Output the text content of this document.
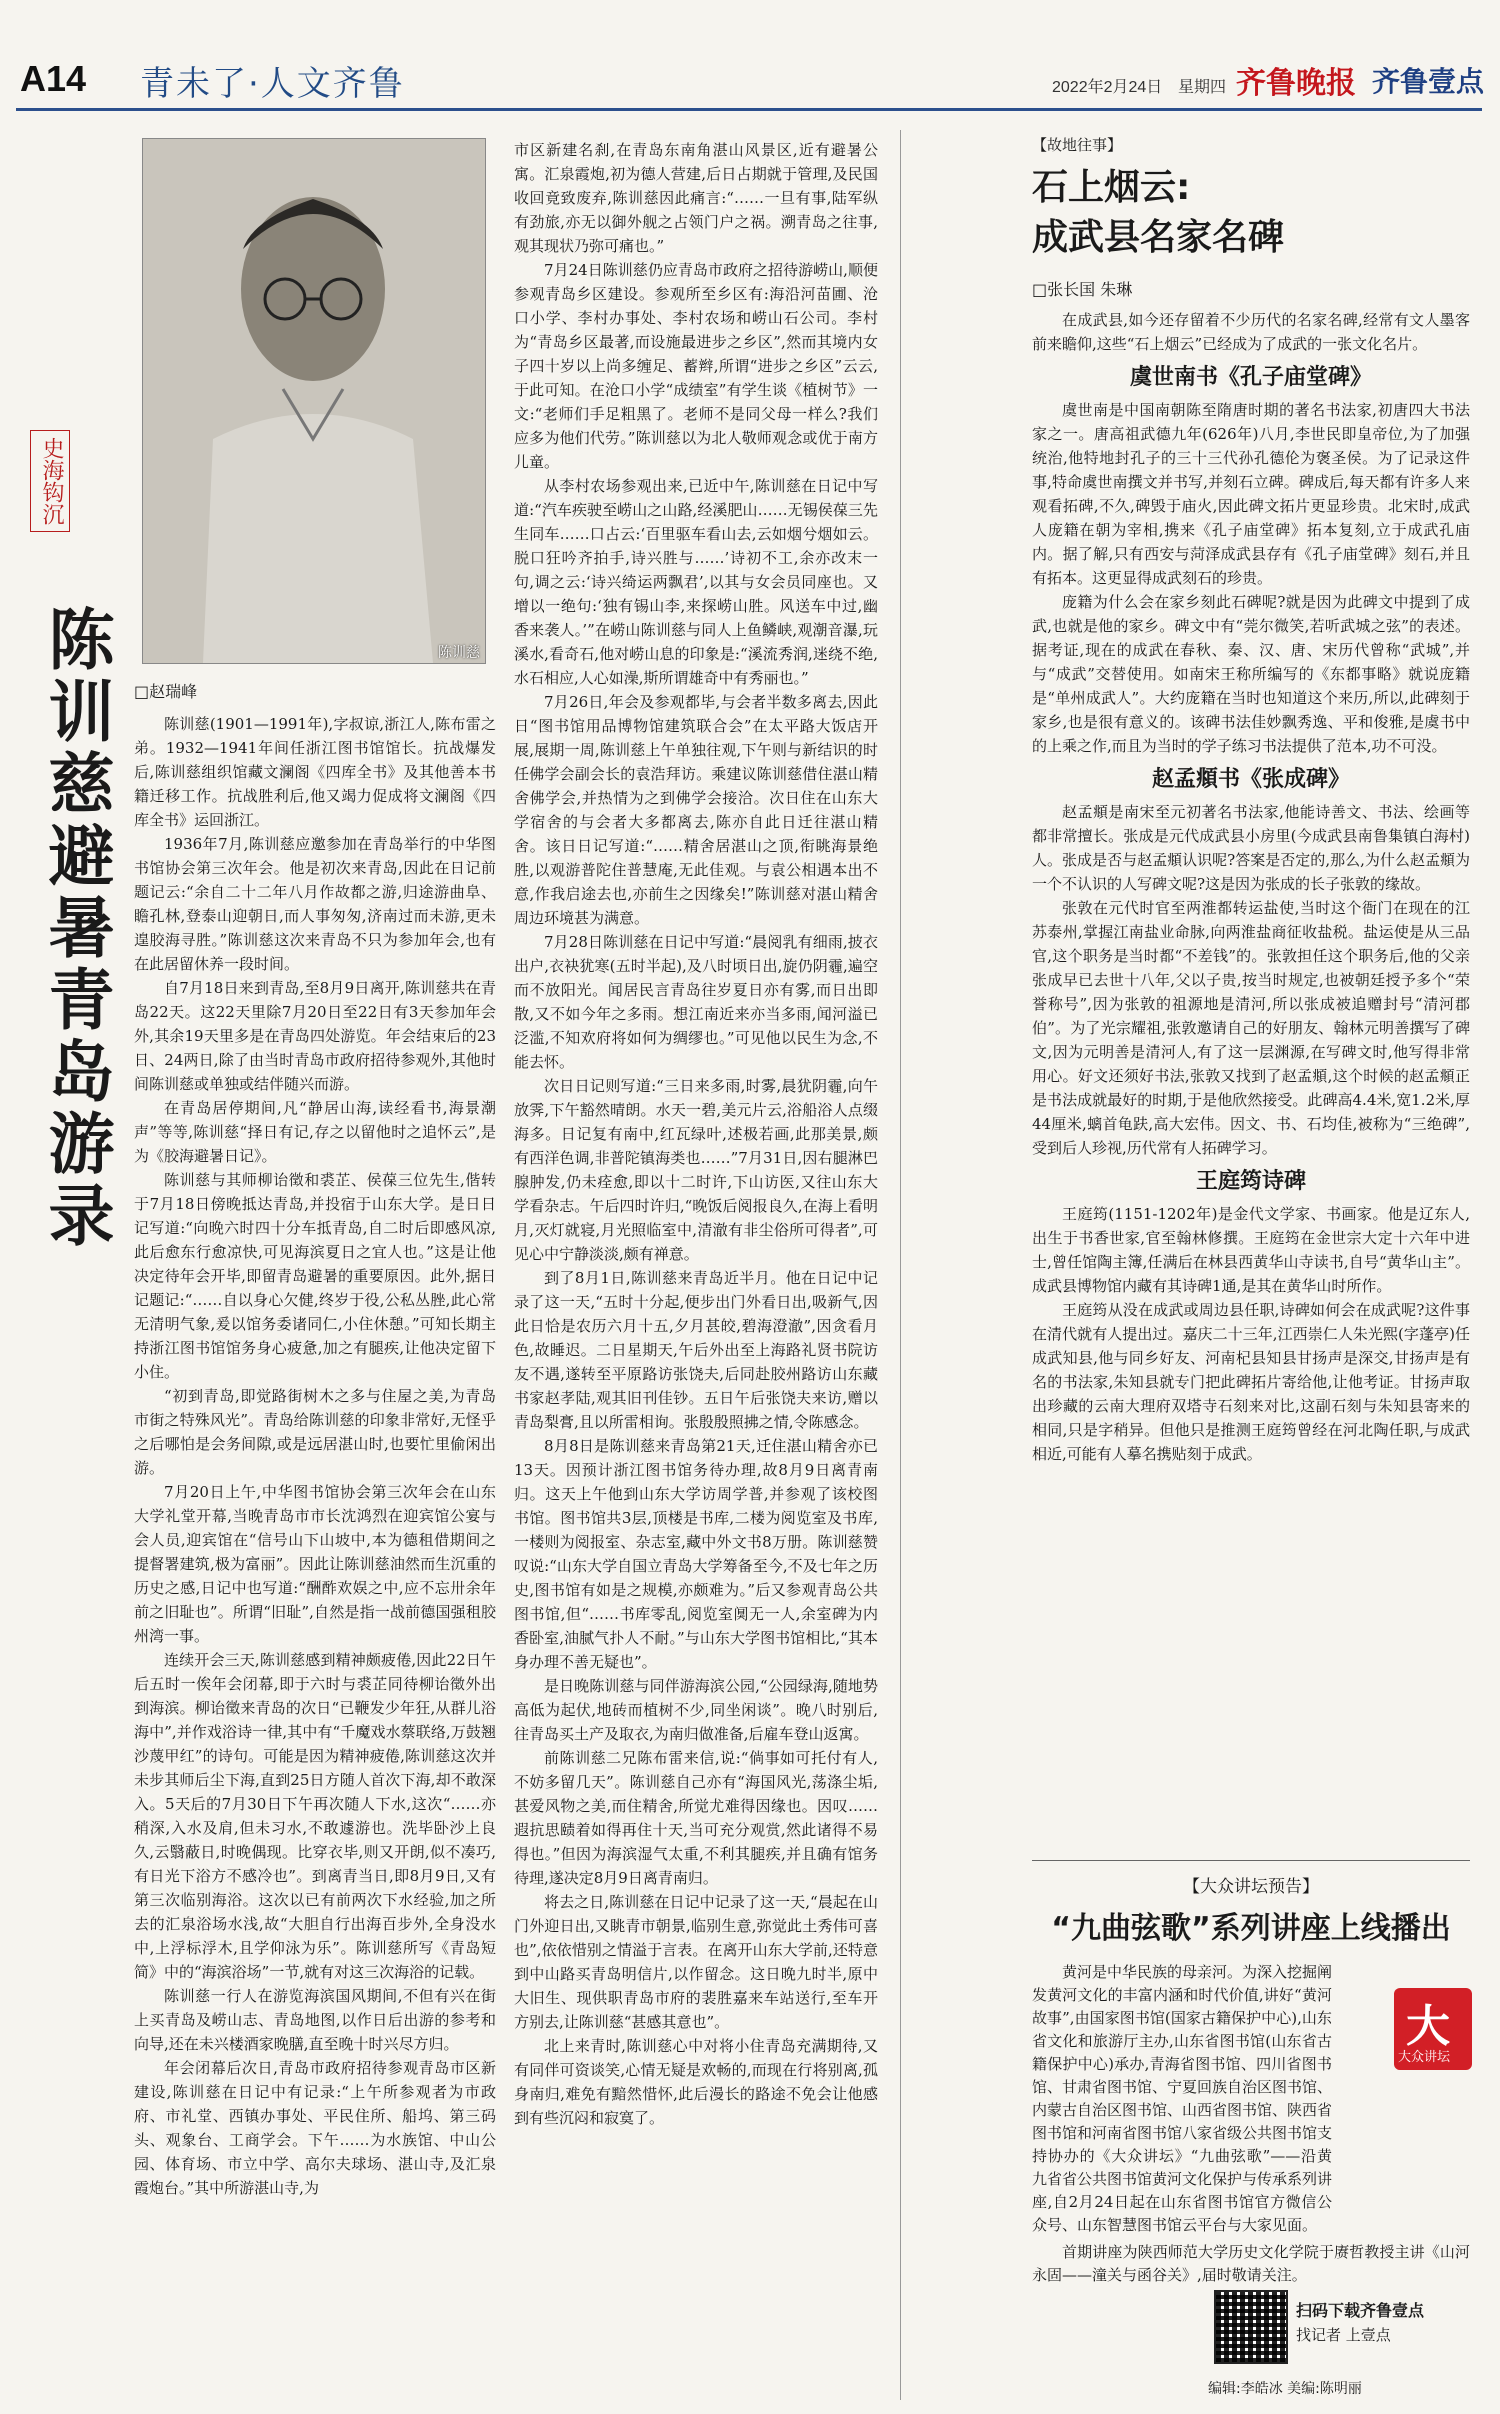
A14 青未了·人文齐鲁	2022年2月24日 星期四 齐鲁晚报 齐鲁壹点
史海钩沉
陈训慈避暑青岛游录	陈训慈
□赵瑞峰

陈训慈(1901—1991年),字叔谅,浙江人,陈布雷之弟。1932—1941年间任浙江图书馆馆长。抗战爆发后,陈训慈组织馆藏文澜阁《四库全书》及其他善本书籍迁移工作。抗战胜利后,他又竭力促成将文澜阁《四库全书》运回浙江。

1936年7月,陈训慈应邀参加在青岛举行的中华图书馆协会第三次年会。他是初次来青岛,因此在日记前题记云:“余自二十二年八月作故都之游,归途游曲阜、瞻孔林,登泰山迎朝日,而人事匆匆,济南过而未游,更未遑胶海寻胜。”陈训慈这次来青岛不只为参加年会,也有在此居留休养一段时间。

自7月18日来到青岛,至8月9日离开,陈训慈共在青岛22天。这22天里除7月20日至22日有3天参加年会外,其余19天里多是在青岛四处游览。年会结束后的23日、24两日,除了由当时青岛市政府招待参观外,其他时间陈训慈或单独或结伴随兴而游。

在青岛居停期间,凡“静居山海,读经看书,海景潮声”等等,陈训慈“择日有记,存之以留他时之追怀云”,是为《胶海避暑日记》。

陈训慈与其师柳诒徵和裘芷、侯葆三位先生,偕转于7月18日傍晚抵达青岛,并投宿于山东大学。是日日记写道:“向晚六时四十分车抵青岛,自二时后即感风凉,此后愈东行愈凉快,可见海滨夏日之宜人也。”这是让他决定待年会开毕,即留青岛避暑的重要原因。此外,据日记题记:“……自以身心欠健,终岁于役,公私丛脞,此心常无清明气象,爰以馆务委诸同仁,小住休憩。”可知长期主持浙江图书馆馆务身心疲惫,加之有腿疾,让他决定留下小住。

“初到青岛,即觉路街树木之多与住屋之美,为青岛市街之特殊风光”。青岛给陈训慈的印象非常好,无怪乎之后哪怕是会务间隙,或是远居湛山时,也要忙里偷闲出游。

7月20日上午,中华图书馆协会第三次年会在山东大学礼堂开幕,当晚青岛市市长沈鸿烈在迎宾馆公宴与会人员,迎宾馆在“信号山下山坡中,本为德租借期间之提督署建筑,极为富丽”。因此让陈训慈油然而生沉重的历史之感,日记中也写道:“酬酢欢娱之中,应不忘卅余年前之旧耻也”。所谓“旧耻”,自然是指一战前德国强租胶州湾一事。

连续开会三天,陈训慈感到精神颇疲倦,因此22日午后五时一俟年会闭幕,即于六时与裘芷同待柳诒徵外出到海滨。柳诒徵来青岛的次日“已鞭发少年狂,从群儿浴海中”,并作戏浴诗一律,其中有“千魔戏水蔡联络,万鼓翘沙蔑甲红”的诗句。可能是因为精神疲倦,陈训慈这次并未步其师后尘下海,直到25日方随人首次下海,却不敢深入。5天后的7月30日下午再次随人下水,这次“……亦稍深,入水及肩,但未习水,不敢遽游也。洗毕卧沙上良久,云翳蔽日,时晚偶现。比穿衣毕,则又开朗,似不凑巧,有日光下浴方不感冷也”。到离青当日,即8月9日,又有第三次临别海浴。这次以已有前两次下水经验,加之所去的汇泉浴场水浅,故“大胆自行出海百步外,全身没水中,上浮标浮木,且学仰泳为乐”。陈训慈所写《青岛短简》中的“海滨浴场”一节,就有对这三次海浴的记载。

陈训慈一行人在游览海滨国风期间,不但有兴在街上买青岛及崂山志、青岛地图,以作日后出游的参考和向导,还在未兴楼酒家晚膳,直至晚十时兴尽方归。

年会闭幕后次日,青岛市政府招待参观青岛市区新建设,陈训慈在日记中有记录:“上午所参观者为市政府、市礼堂、西镇办事处、平民住所、船坞、第三码头、观象台、工商学会。下午……为水族馆、中山公园、体育场、市立中学、高尔夫球场、湛山寺,及汇泉霞炮台。”其中所游湛山寺,为

市区新建名刹,在青岛东南角湛山风景区,近有避暑公寓。汇泉霞炮,初为德人营建,后日占期就于管理,及民国收回竟致废弃,陈训慈因此痛言:“……一旦有事,陆军纵有劲旅,亦无以御外舰之占领门户之祸。溯青岛之往事,观其现状乃弥可痛也。”

7月24日陈训慈仍应青岛市政府之招待游崂山,顺便参观青岛乡区建设。参观所至乡区有:海沿河苗圃、沧口小学、李村办事处、李村农场和崂山石公司。李村为“青岛乡区最著,而设施最进步之乡区”,然而其境内女子四十岁以上尚多缠足、蓄辫,所谓“进步之乡区”云云,于此可知。在沧口小学“成绩室”有学生谈《植树节》一文:“老师们手足粗黑了。老师不是同父母一样么?我们应多为他们代劳。”陈训慈以为北人敬师观念或优于南方儿童。

从李村农场参观出来,已近中午,陈训慈在日记中写道:“汽车疾驶至崂山之山路,经溪肥山……无锡侯葆三先生同车……口占云:‘百里驱车看山去,云如烟兮烟如云。脱口狂吟齐拍手,诗兴胜与……’诗初不工,余亦改末一句,调之云:‘诗兴绮运两飘君’,以其与女会员同座也。又增以一绝句:‘独有锡山李,来探崂山胜。风送车中过,幽香来袭人。’”在崂山陈训慈与同人上鱼鳞峡,观潮音瀑,玩溪水,看奇石,他对崂山息的印象是:“溪流秀润,迷绕不绝,水石相应,人心如澡,斯所谓雄奇中有秀丽也。”

7月26日,年会及参观都毕,与会者半数多离去,因此日“图书馆用品博物馆建筑联合会”在太平路大饭店开展,展期一周,陈训慈上午单独往观,下午则与新结识的时任佛学会副会长的袁浩拜访。乘建议陈训慈借住湛山精舍佛学会,并热情为之到佛学会接洽。次日住在山东大学宿舍的与会者大多都离去,陈亦自此日迁往湛山精舍。该日日记写道:“……精舍居湛山之顶,衔眺海景绝胜,以观游普陀住普慧庵,无此佳观。与袁公相遇本出不意,作我启途去也,亦前生之因缘矣!”陈训慈对湛山精舍周边环境甚为满意。

7月28日陈训慈在日记中写道:“晨阅乳有细雨,披衣出户,衣袂犹寒(五时半起),及八时顷日出,旋仍阴霾,遍空而不放阳光。闻居民言青岛往岁夏日亦有雾,而日出即散,又不如今年之多雨。想江南近来亦当多雨,闻河溢已泛滥,不知欢府将如何为绸缪也。”可见他以民生为念,不能去怀。

次日日记则写道:“三日来多雨,时雾,晨犹阴霾,向午放霁,下午豁然晴朗。水天一碧,美元片云,浴船浴人点缀海多。日记复有南中,红瓦绿叶,述极若画,此那美景,颇有西洋色调,非普陀镇海类也……”7月31日,因右腿淋巴腺肿发,仍未痊愈,即以十二时许,下山访医,又往山东大学看杂志。午后四时许归,“晚饭后阅报良久,在海上看明月,灭灯就寝,月光照临室中,清澈有非尘俗所可得者”,可见心中宁静淡淡,颇有禅意。

到了8月1日,陈训慈来青岛近半月。他在日记中记录了这一天,“五时十分起,便步出门外看日出,吸新气,因此日恰是农历六月十五,夕月甚皎,碧海澄澈”,因贪看月色,故睡迟。二日星期天,午后外出至上海路礼贤书院访友不遇,遂转至平原路访张饶夫,后同赴胶州路访山东藏书家赵孝陆,观其旧刊佳钞。五日午后张饶夫来访,赠以青岛梨膏,且以所雷相询。张殷殷照拂之情,令陈感念。

8月8日是陈训慈来青岛第21天,迁住湛山精舍亦已13天。因预计浙江图书馆务待办理,故8月9日离青南归。这天上午他到山东大学访周学普,并参观了该校图书馆。图书馆共3层,顶楼是书库,二楼为阅览室及书库,一楼则为阅报室、杂志室,藏中外文书8万册。陈训慈赞叹说:“山东大学自国立青岛大学筹备至今,不及七年之历史,图书馆有如是之规模,亦颇难为。”后又参观青岛公共图书馆,但“……书库零乱,阅览室阒无一人,余室碑为内香卧室,油腻气扑人不耐。”与山东大学图书馆相比,“其本身办理不善无疑也”。

是日晚陈训慈与同伴游海滨公园,“公园绿海,随地势高低为起伏,地砖而植树不少,同坐闲谈”。晚八时别后,往青岛买土产及取衣,为南归做准备,后雇车登山返寓。

前陈训慈二兄陈布雷来信,说:“倘事如可托付有人,不妨多留几天”。陈训慈自己亦有“海国风光,荡涤尘垢,甚爱风物之美,而住精舍,所觉尤难得因缘也。因叹……遐抗思赜着如得再住十天,当可充分观赏,然此诸得不易得也。”但因为海滨湿气太重,不利其腿疾,并且确有馆务待理,遂决定8月9日离青南归。

将去之日,陈训慈在日记中记录了这一天,“晨起在山门外迎日出,又眺青市朝景,临别生意,弥觉此土秀伟可喜也”,依依惜别之情溢于言表。在离开山东大学前,还特意到中山路买青岛明信片,以作留念。这日晚九时半,原中大旧生、现供职青岛市府的裴胜嘉来车站送行,至车开方别去,让陈训慈“甚感其意也”。

北上来青时,陈训慈心中对将小住青岛充满期待,又有同伴可资谈笑,心情无疑是欢畅的,而现在行将别离,孤身南归,难免有黯然惜怀,此后漫长的路途不免会让他感到有些沉闷和寂寞了。

【故地往事】
石上烟云:
成武县名家名碑
□张长国 朱琳

在成武县,如今还存留着不少历代的名家名碑,经常有文人墨客前来瞻仰,这些“石上烟云”已经成为了成武的一张文化名片。

虞世南书《孔子庙堂碑》

虞世南是中国南朝陈至隋唐时期的著名书法家,初唐四大书法家之一。唐高祖武德九年(626年)八月,李世民即皇帝位,为了加强统治,他特地封孔子的三十三代孙孔德伦为褒圣侯。为了记录这件事,特命虞世南撰文并书写,并刻石立碑。碑成后,每天都有许多人来观看拓碑,不久,碑毁于庙火,因此碑文拓片更显珍贵。北宋时,成武人庞籍在朝为宰相,携来《孔子庙堂碑》拓本复刻,立于成武孔庙内。据了解,只有西安与菏泽成武县存有《孔子庙堂碑》刻石,并且有拓本。这更显得成武刻石的珍贵。

庞籍为什么会在家乡刻此石碑呢?就是因为此碑文中提到了成武,也就是他的家乡。碑文中有“莞尔微笑,若听武城之弦”的表述。据考证,现在的成武在春秋、秦、汉、唐、宋历代曾称“武城”,并与“成武”交替使用。如南宋王称所编写的《东都事略》就说庞籍是“单州成武人”。大约庞籍在当时也知道这个来历,所以,此碑刻于家乡,也是很有意义的。该碑书法佳妙飘秀逸、平和俊雅,是虞书中的上乘之作,而且为当时的学子练习书法提供了范本,功不可没。

赵孟頫书《张成碑》

赵孟頫是南宋至元初著名书法家,他能诗善文、书法、绘画等都非常擅长。张成是元代成武县小房里(今成武县南鲁集镇白海村)人。张成是否与赵孟頫认识呢?答案是否定的,那么,为什么赵孟頫为一个不认识的人写碑文呢?这是因为张成的长子张敦的缘故。

张敦在元代时官至两淮都转运盐使,当时这个衙门在现在的江苏泰州,掌握江南盐业命脉,向两淮盐商征收盐税。盐运使是从三品官,这个职务是当时都“不差钱”的。张敦担任这个职务后,他的父亲张成早已去世十八年,父以子贵,按当时规定,也被朝廷授予多个“荣誉称号”,因为张敦的祖源地是清河,所以张成被追赠封号“清河郡伯”。为了光宗耀祖,张敦邀请自己的好朋友、翰林元明善撰写了碑文,因为元明善是清河人,有了这一层渊源,在写碑文时,他写得非常用心。好文还须好书法,张敦又找到了赵孟頫,这个时候的赵孟頫正是书法成就最好的时期,于是他欣然接受。此碑高4.4米,宽1.2米,厚44厘米,螭首龟趺,高大宏伟。因文、书、石均佳,被称为“三绝碑”,受到后人珍视,历代常有人拓碑学习。

王庭筠诗碑

王庭筠(1151-1202年)是金代文学家、书画家。他是辽东人,出生于书香世家,官至翰林修撰。王庭筠在金世宗大定十六年中进士,曾任馆陶主簿,任满后在林县西黄华山寺读书,自号“黄华山主”。成武县博物馆内藏有其诗碑1通,是其在黄华山时所作。

王庭筠从没在成武或周边县任职,诗碑如何会在成武呢?这件事在清代就有人提出过。嘉庆二十三年,江西崇仁人朱光熙(字蓬亭)任成武知县,他与同乡好友、河南杞县知县甘扬声是深交,甘扬声是有名的书法家,朱知县就专门把此碑拓片寄给他,让他考证。甘扬声取出珍藏的云南大理府双塔寺石刻来对比,这副石刻与朱知县寄来的相同,只是字稍异。但他只是推测王庭筠曾经在河北陶任职,与成武相近,可能有人摹名携贴刻于成武。

【大众讲坛预告】
“九曲弦歌”系列讲座上线播出

黄河是中华民族的母亲河。为深入挖掘阐发黄河文化的丰富内涵和时代价值,讲好“黄河故事”,由国家图书馆(国家古籍保护中心),山东省文化和旅游厅主办,山东省图书馆(山东省古籍保护中心)承办,青海省图书馆、四川省图书馆、甘肃省图书馆、宁夏回族自治区图书馆、内蒙古自治区图书馆、山西省图书馆、陕西省图书馆和河南省图书馆八家省级公共图书馆支持协办的《大众讲坛》“九曲弦歌”——沿黄九省省公共图书馆黄河文化保护与传承系列讲座,自2月24日起在山东省图书馆官方微信公众号、山东智慧图书馆云平台与大家见面。

首期讲座为陕西师范大学历史文化学院于赓哲教授主讲《山河永固——潼关与函谷关》,届时敬请关注。

大
大众讲坛
扫码下载齐鲁壹点
找记者 上壹点
编辑:李皓冰 美编:陈明丽
